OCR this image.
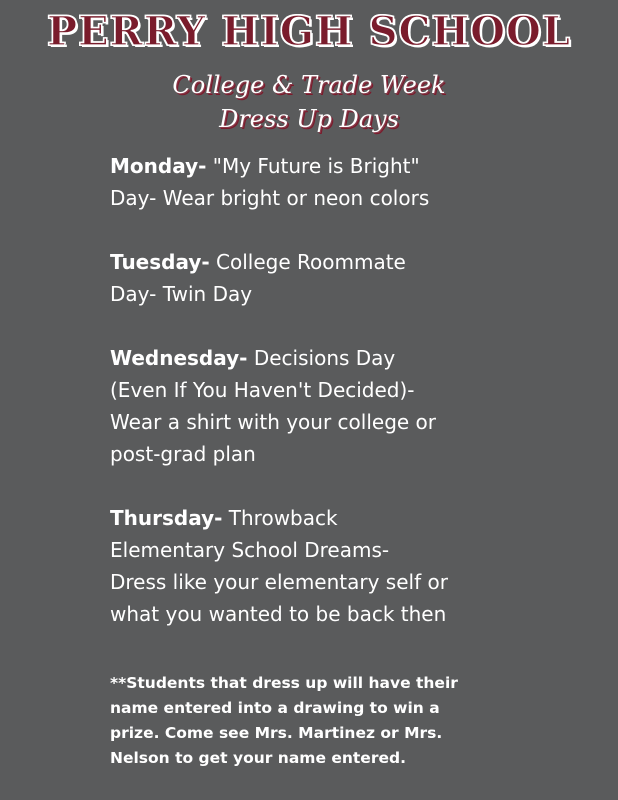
PERRY HIGH SCHOOL
College & Trade Week
Dress Up Days
Monday- "My Future is Bright"
Day- Wear bright or neon colors
Tuesday- College Roommate
Day- Twin Day
Wednesday- Decisions Day
(Even If You Haven't Decided)-
Wear a shirt with your college or
post-grad plan
Thursday- Throwback
Elementary School Dreams-
Dress like your elementary self or
what you wanted to be back then
**Students that dress up will have their
name entered into a drawing to win a
prize. Come see Mrs. Martinez or Mrs.
Nelson to get your name entered.
